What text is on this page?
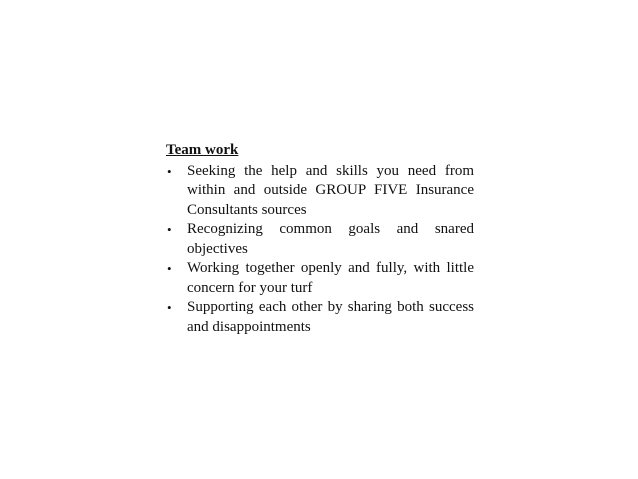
Team work
• Seeking the help and skills you need from within and outside GROUP FIVE Insurance Consultants sources
• Recognizing common goals and snared objectives
• Working together openly and fully, with little concern for your turf
• Supporting each other by sharing both success and disappointments
